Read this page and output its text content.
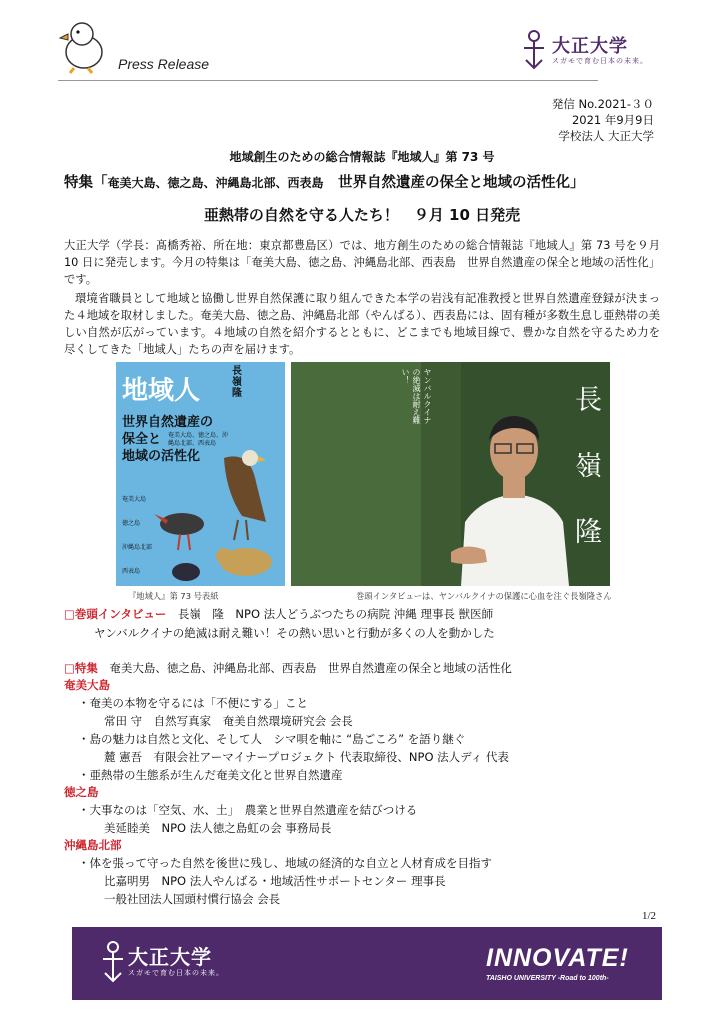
Press Release
大正大学
スガモで育む日本の未来。
発信 No.2021-３０
2021 年9月9日
学校法人 大正大学
地域創生のための総合情報誌『地域人』第 73 号
特集「奄美大島、徳之島、沖縄島北部、西表島　 世界自然遺産の保全と地域の活性化」
亜熱帯の自然を守る人たち！　９月 10 日発売
大正大学（学長：髙橋秀裕、所在地：東京都豊島区）では、地方創生のための総合情報誌『地域人』第 73 号を９月 10 日に発売します。今月の特集は「奄美大島、徳之島、沖縄島北部、西表島　世界自然遺産の保全と地域の活性化」です。
環境省職員として地域と協働し世界自然保護に取り組んできた本学の岩浅有記准教授と世界自然遺産登録が決まった４地域を取材しました。奄美大島、徳之島、沖縄島北部（やんばる）、西表島には、固有種が多数生息し亜熱帯の美しい自然が広がっています。４地域の自然を紹介するとともに、どこまでも地域目線で、豊かな自然を守るため力を尽くしてきた「地域人」たちの声を届けます。
地域人
長嶺隆
世界自然遺産の
保全と
地域の活性化
奄美大島、徳之島、沖縄島北部、西表島
奄美大島
徳之島
沖縄島北部
西表島
『地域人』第 73 号表紙
ヤンバルクイナの絶滅は耐え難い！
長
嶺
隆
巻頭インタビューは、ヤンバルクイナの保護に心血を注ぐ長嶺隆さん
□巻頭インタビュー　 長嶺　隆　NPO 法人どうぶつたちの病院 沖縄 理事長 獣医師
ヤンバルクイナの絶滅は耐え難い！その熱い思いと行動が多くの人を動かした
□特集　 奄美大島、徳之島、沖縄島北部、西表島　世界自然遺産の保全と地域の活性化
奄美大島
・奄美の本物を守るには「不便にする」こと
常田 守　自然写真家　奄美自然環境研究会 会長
・島の魅力は自然と文化、そして人　シマ唄を軸に “島ごころ” を語り継ぐ
麓 憲吾　有限会社アーマイナープロジェクト 代表取締役、NPO 法人ディ 代表
・亜熱帯の生態系が生んだ奄美文化と世界自然遺産
徳之島
・大事なのは「空気、水、土」　農業と世界自然遺産を結びつける
美延睦美　NPO 法人徳之島虹の会 事務局長
沖縄島北部
・体を張って守った自然を後世に残し、地域の経済的な自立と人材育成を目指す
比嘉明男　NPO 法人やんばる・地域活性サポートセンター 理事長
一般社団法人国頭村慣行協会 会長
1/2
大正大学
スガモで育む日本の未来。
INNOVATE!
TAISHO UNIVERSITY -Road to 100th-
